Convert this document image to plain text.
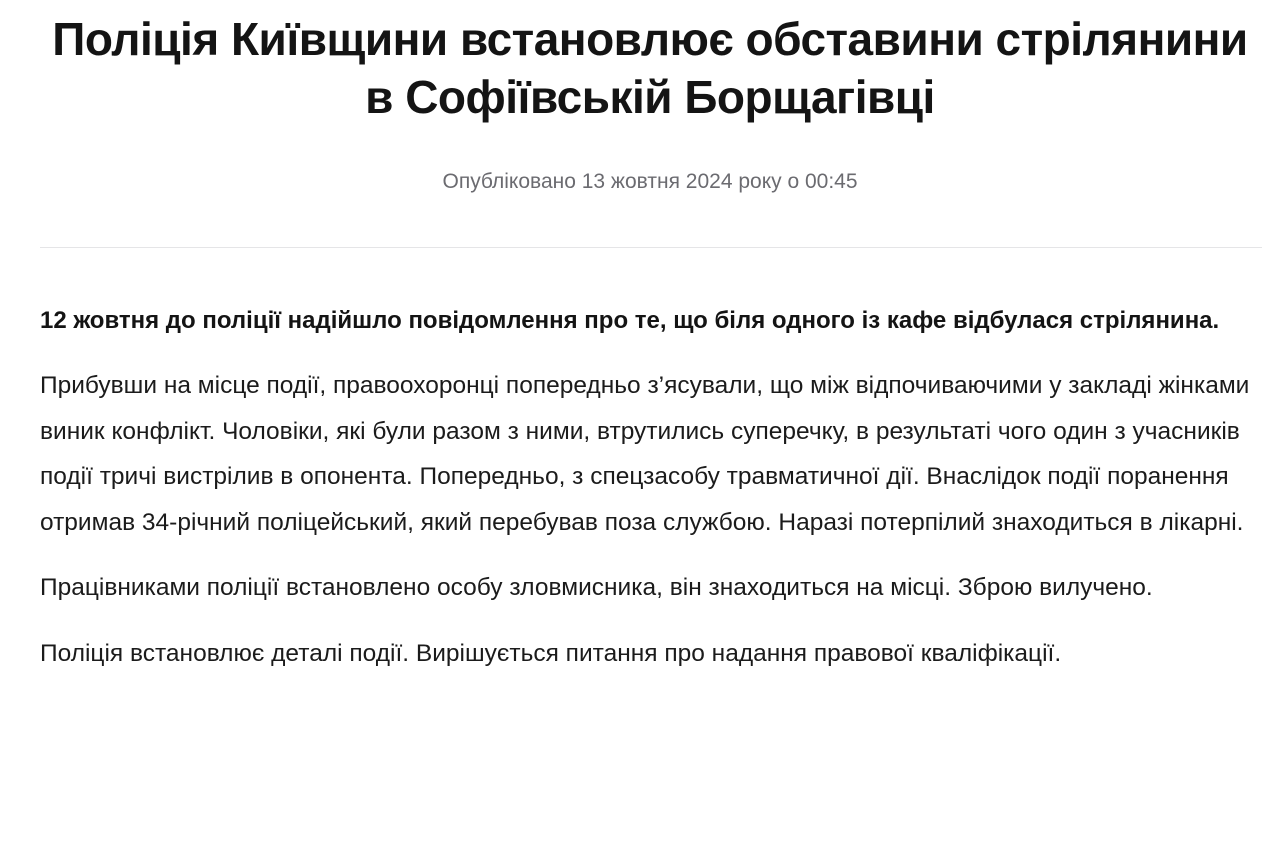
Поліція Київщини встановлює обставини стрілянини в Софіївській Борщагівці
Опубліковано 13 жовтня 2024 року о 00:45

12 жовтня до поліції надійшло повідомлення про те, що біля одного із кафе відбулася стрілянина.

Прибувши на місце події, правоохоронці попередньо з’ясували, що між відпочиваючими у закладі жінками виник конфлікт. Чоловіки, які були разом з ними, втрутились суперечку, в результаті чого один з учасників події тричі вистрілив в опонента. Попередньо, з спецзасобу травматичної дії. Внаслідок події поранення отримав 34-річний поліцейський, який перебував поза службою. Наразі потерпілий знаходиться в лікарні.

Працівниками поліції встановлено особу зловмисника, він знаходиться на місці. Зброю вилучено.

Поліція встановлює деталі події. Вирішується питання про надання правової кваліфікації.
